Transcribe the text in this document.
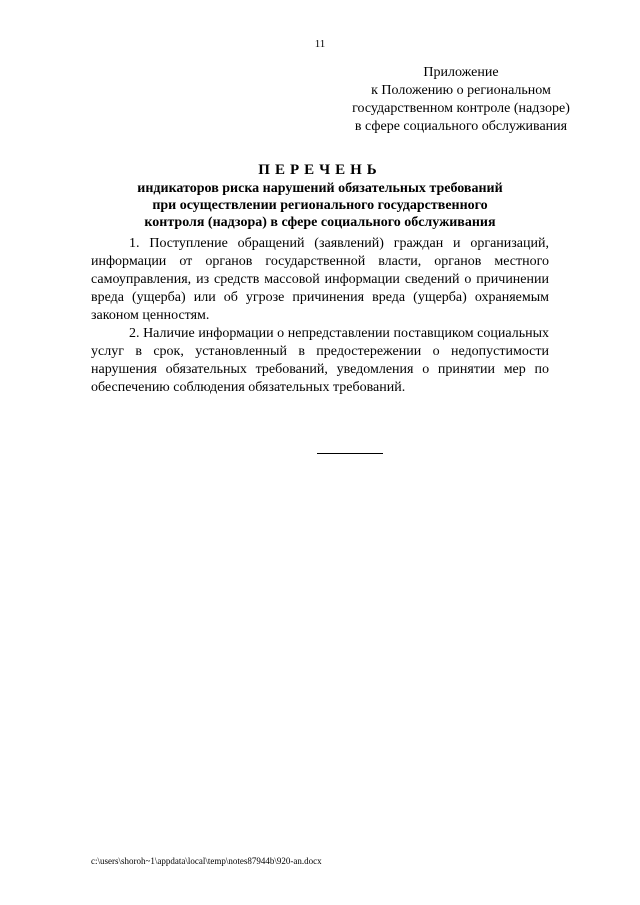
11
Приложение
к Положению о региональном
государственном контроле (надзоре)
в сфере социального обслуживания
ПЕРЕЧЕНЬ
индикаторов риска нарушений обязательных требований
при осуществлении регионального государственного
контроля (надзора) в сфере социального обслуживания

1. Поступление обращений (заявлений) граждан и организаций, информации от органов государственной власти, органов местного самоуправления, из средств массовой информации сведений о причинении вреда (ущерба) или об угрозе причинения вреда (ущерба) охраняемым законом ценностям.

2. Наличие информации о непредставлении поставщиком социальных услуг в срок, установленный в предостережении о недопустимости нарушения обязательных требований, уведомления о принятии мер по обеспечению соблюдения обязательных требований.

c:\users\shoroh~1\appdata\local\temp\notes87944b\920-an.docx
